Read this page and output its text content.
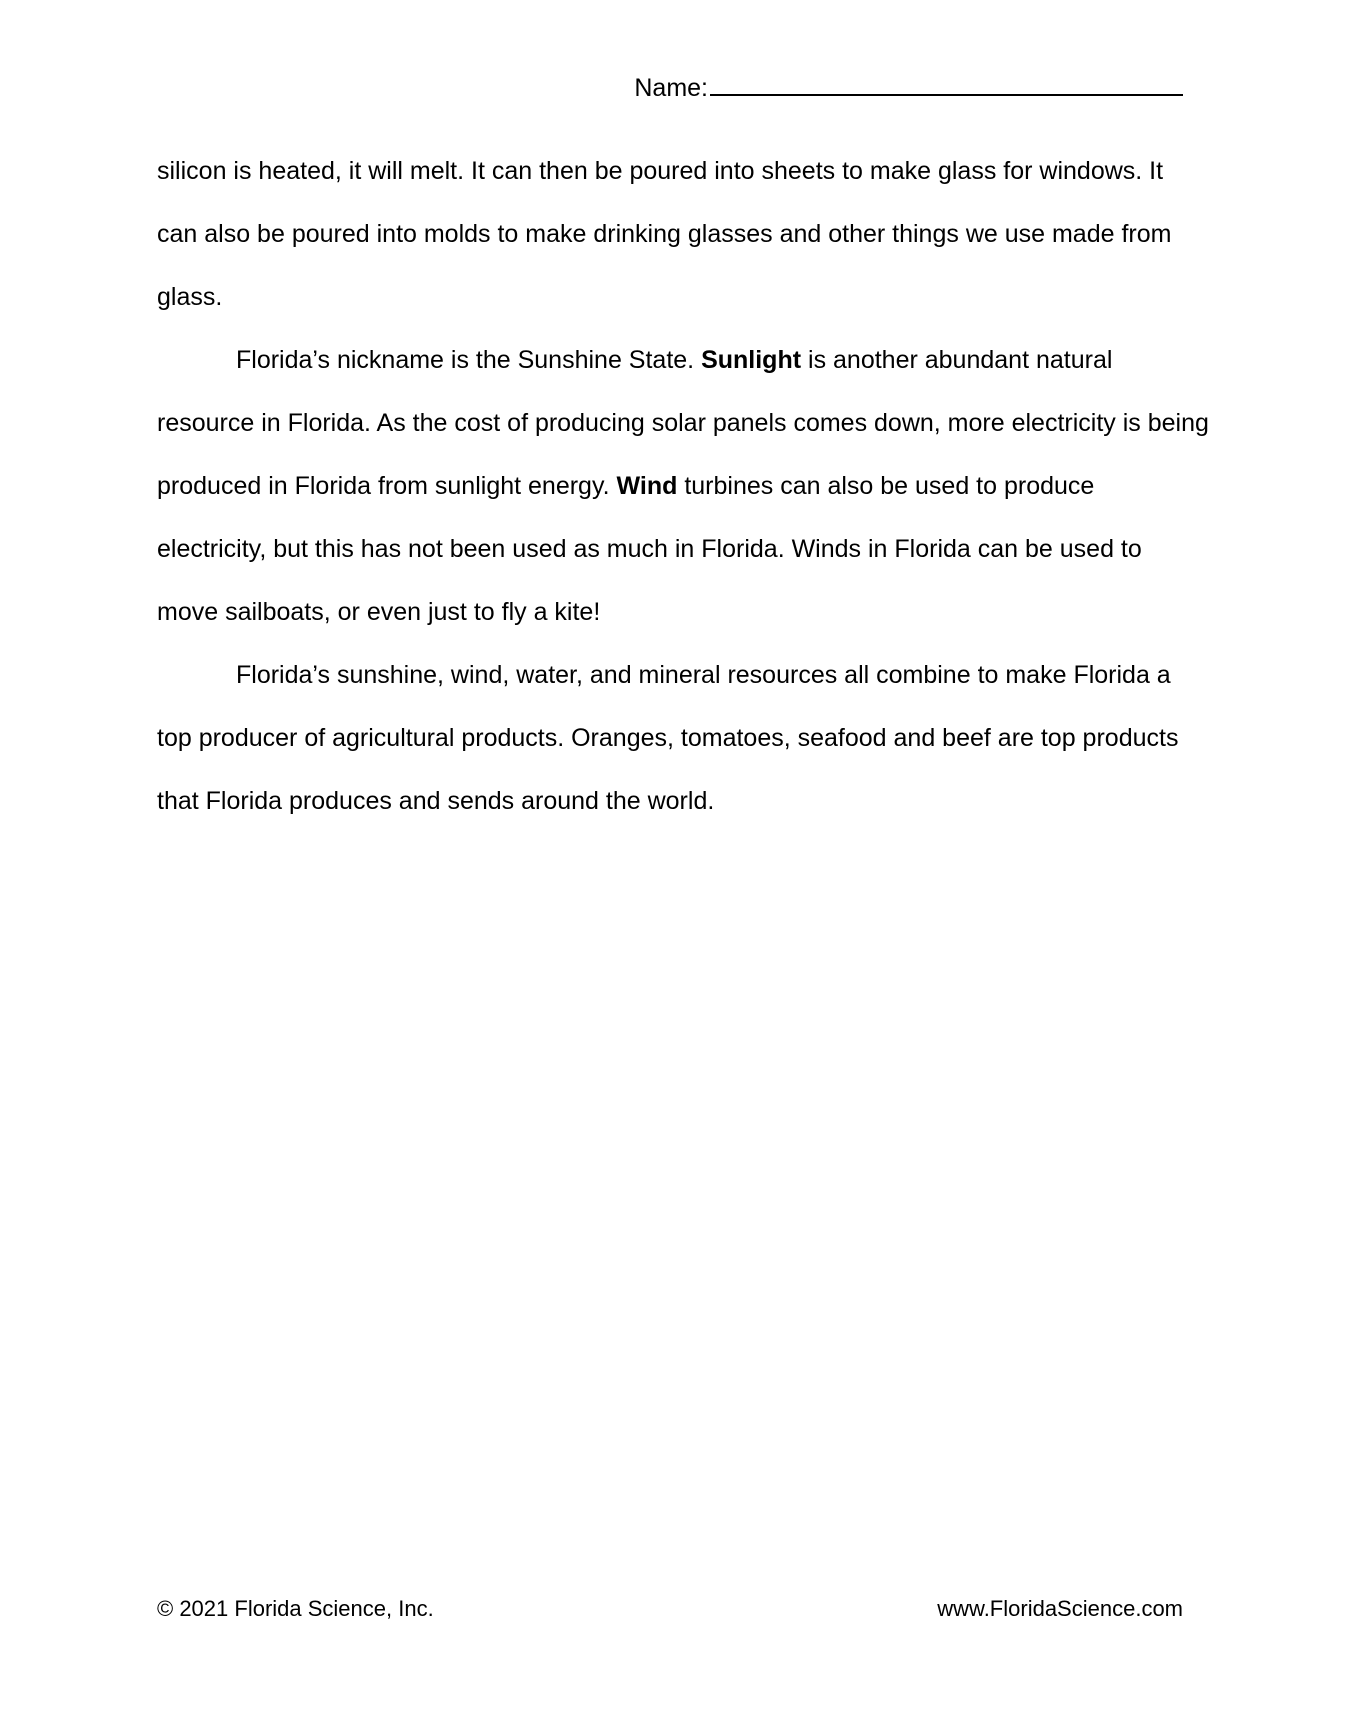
Name:

silicon is heated, it will melt. It can then be poured into sheets to make glass for windows. It can also be poured into molds to make drinking glasses and other things we use made from glass.

Florida’s nickname is the Sunshine State. Sunlight is another abundant natural resource in Florida. As the cost of producing solar panels comes down, more electricity is being produced in Florida from sunlight energy. Wind turbines can also be used to produce electricity, but this has not been used as much in Florida. Winds in Florida can be used to move sailboats, or even just to fly a kite!

Florida’s sunshine, wind, water, and mineral resources all combine to make Florida a top producer of agricultural products. Oranges, tomatoes, seafood and beef are top products that Florida produces and sends around the world.

© 2021 Florida Science, Inc.	www.FloridaScience.com
